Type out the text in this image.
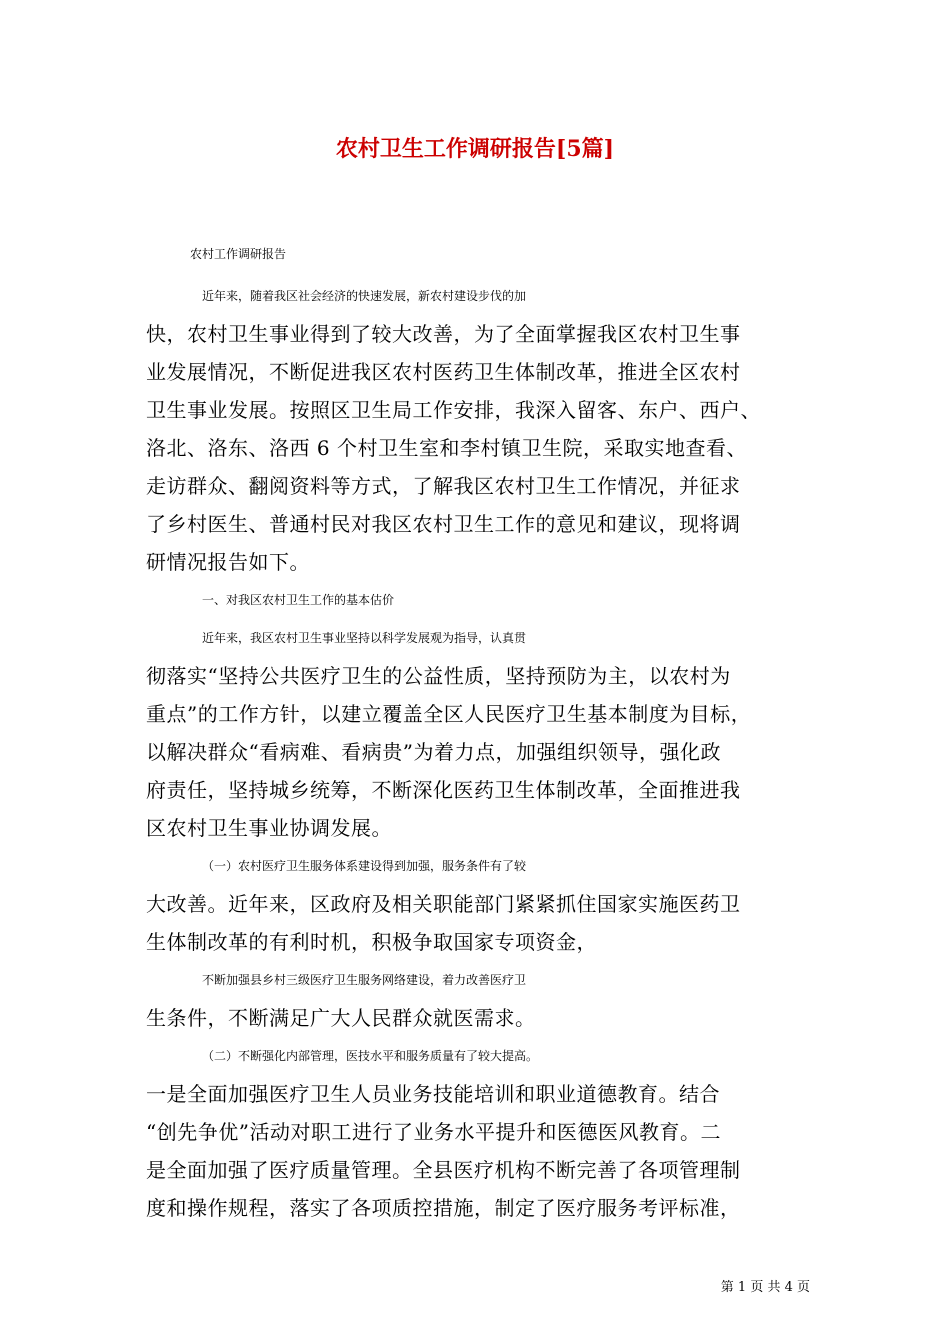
农村卫生工作调研报告[5篇]
农村工作调研报告
近年来，随着我区社会经济的快速发展，新农村建设步伐的加
快，农村卫生事业得到了较大改善，为了全面掌握我区农村卫生事
业发展情况，不断促进我区农村医药卫生体制改革，推进全区农村
卫生事业发展。按照区卫生局工作安排，我深入留客、东户、西户、
洛北、洛东、洛西 6 个村卫生室和李村镇卫生院，采取实地查看、
走访群众、翻阅资料等方式，了解我区农村卫生工作情况，并征求
了乡村医生、普通村民对我区农村卫生工作的意见和建议，现将调
研情况报告如下。
一、对我区农村卫生工作的基本估价
近年来，我区农村卫生事业坚持以科学发展观为指导，认真贯
彻落实“坚持公共医疗卫生的公益性质，坚持预防为主，以农村为
重点”的工作方针，以建立覆盖全区人民医疗卫生基本制度为目标，
以解决群众“看病难、看病贵”为着力点，加强组织领导，强化政
府责任，坚持城乡统筹，不断深化医药卫生体制改革，全面推进我
区农村卫生事业协调发展。
（一）农村医疗卫生服务体系建设得到加强，服务条件有了较
大改善。近年来，区政府及相关职能部门紧紧抓住国家实施医药卫
生体制改革的有利时机，积极争取国家专项资金，
不断加强县乡村三级医疗卫生服务网络建设，着力改善医疗卫
生条件，不断满足广大人民群众就医需求。
（二）不断强化内部管理，医技水平和服务质量有了较大提高。
一是全面加强医疗卫生人员业务技能培训和职业道德教育。结合
“创先争优”活动对职工进行了业务水平提升和医德医风教育。二
是全面加强了医疗质量管理。全县医疗机构不断完善了各项管理制
度和操作规程，落实了各项质控措施，制定了医疗服务考评标准，
第 1 页 共 4 页
